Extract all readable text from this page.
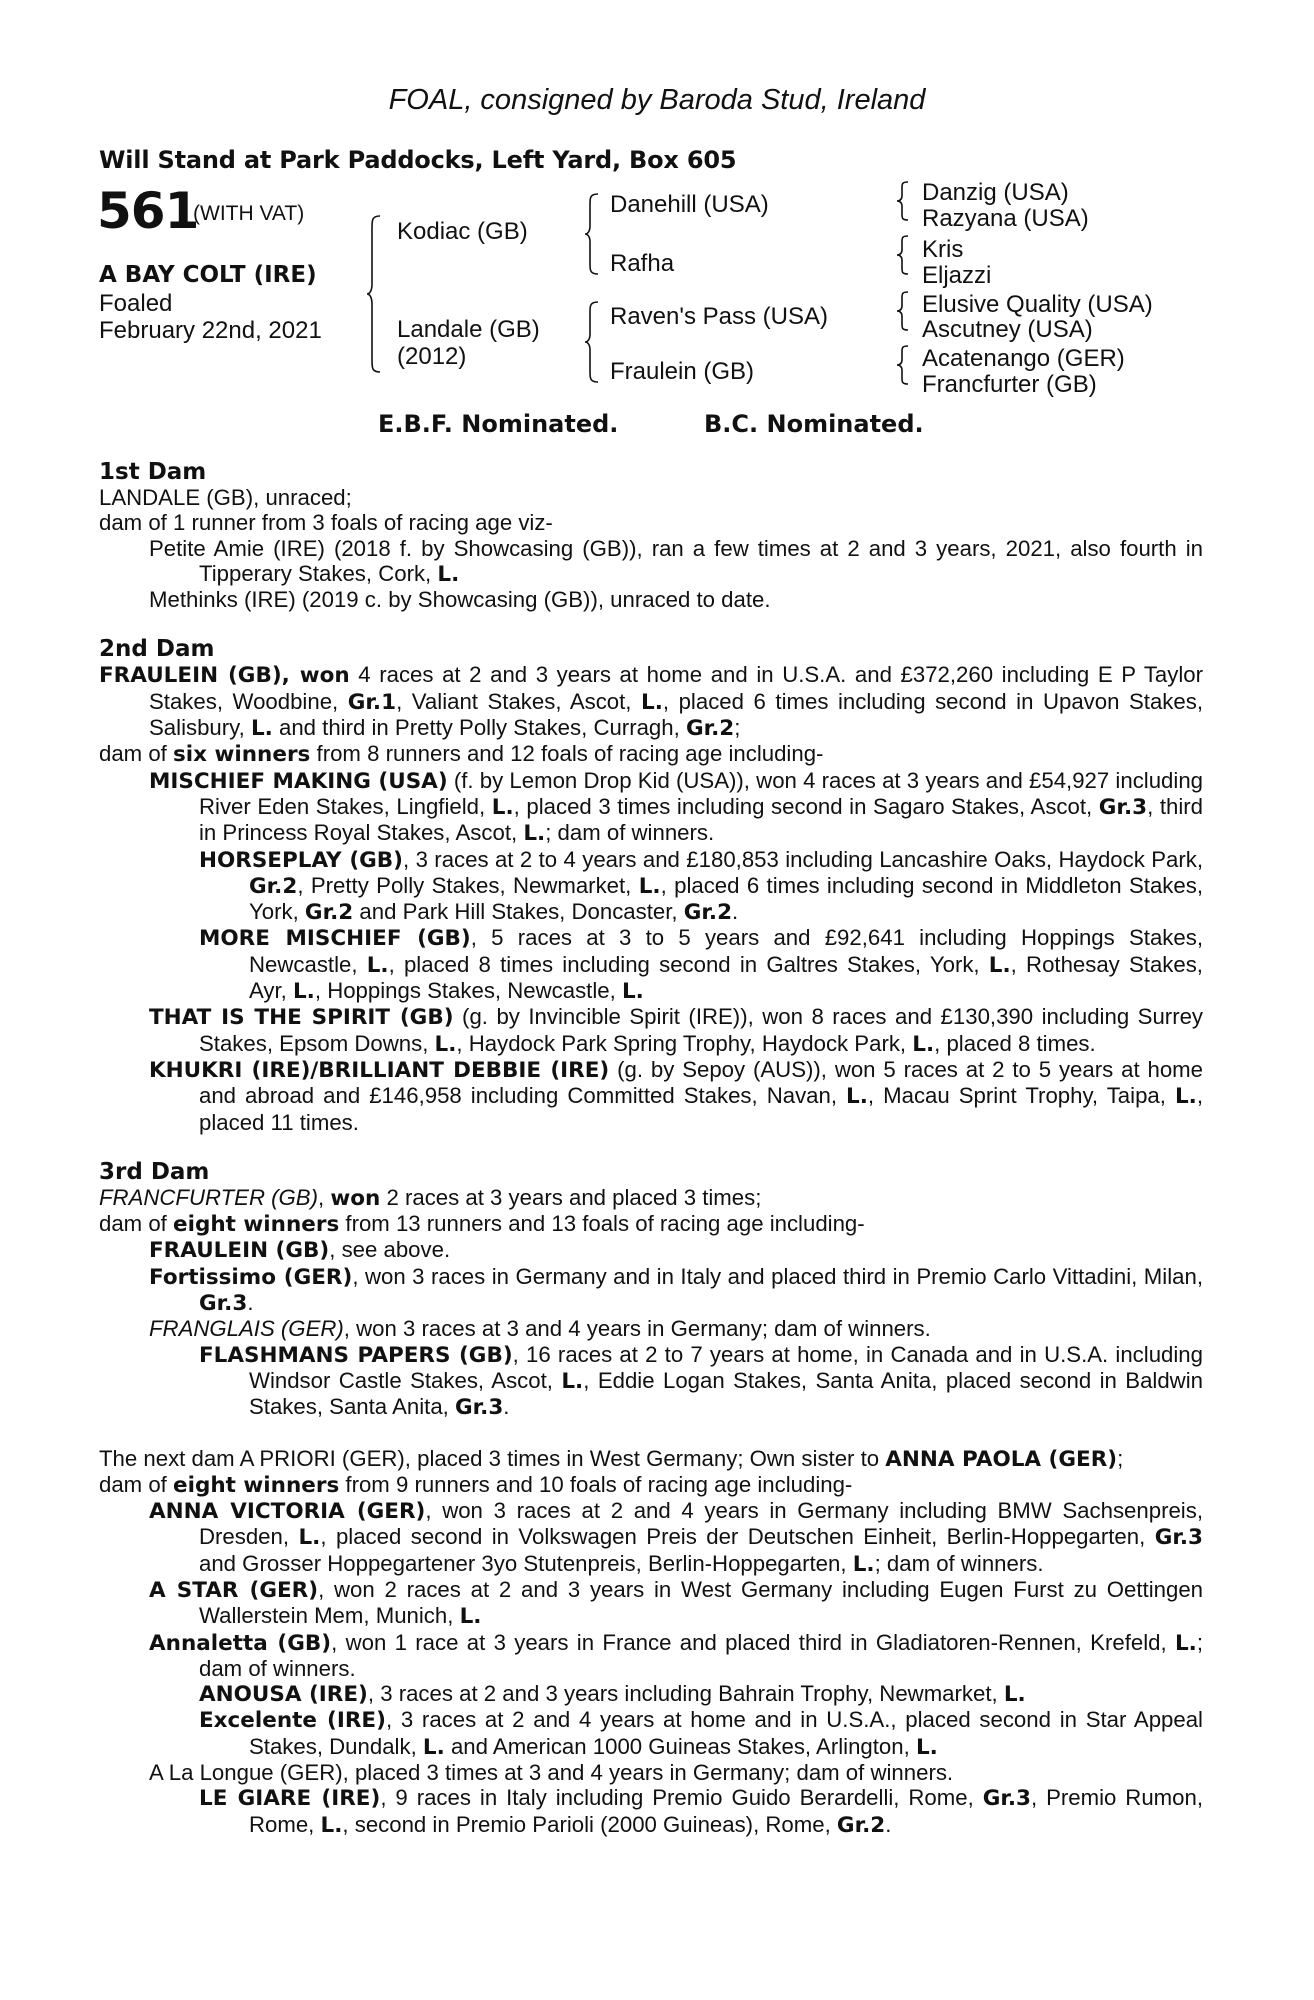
FOAL, consigned by Baroda Stud, Ireland
Will Stand at Park Paddocks, Left Yard, Box 605
561
(WITH VAT)
A BAY COLT (IRE)
Foaled
February 22nd, 2021
Kodiac (GB)
Landale (GB)
(2012)
Danehill (USA)
Rafha
Raven's Pass (USA)
Fraulein (GB)
Danzig (USA)
Razyana (USA)
Kris
Eljazzi
Elusive Quality (USA)
Ascutney (USA)
Acatenango (GER)
Francfurter (GB)
E.B.F. Nominated.	B.C. Nominated.
1st Dam
LANDALE (GB), unraced;
dam of 1 runner from 3 foals of racing age viz-
Petite Amie (IRE) (2018 f. by Showcasing (GB)), ran a few times at 2 and 3 years, 2021, also fourth in Tipperary Stakes, Cork, L.
Methinks (IRE) (2019 c. by Showcasing (GB)), unraced to date.
2nd Dam
FRAULEIN (GB), won 4 races at 2 and 3 years at home and in U.S.A. and £372,260 including E P Taylor Stakes, Woodbine, Gr.1, Valiant Stakes, Ascot, L., placed 6 times including second in Upavon Stakes, Salisbury, L. and third in Pretty Polly Stakes, Curragh, Gr.2;
dam of six winners from 8 runners and 12 foals of racing age including-
MISCHIEF MAKING (USA) (f. by Lemon Drop Kid (USA)), won 4 races at 3 years and £54,927 including River Eden Stakes, Lingfield, L., placed 3 times including second in Sagaro Stakes, Ascot, Gr.3, third in Princess Royal Stakes, Ascot, L.; dam of winners.
HORSEPLAY (GB), 3 races at 2 to 4 years and £180,853 including Lancashire Oaks, Haydock Park, Gr.2, Pretty Polly Stakes, Newmarket, L., placed 6 times including second in Middleton Stakes, York, Gr.2 and Park Hill Stakes, Doncaster, Gr.2.
MORE MISCHIEF (GB), 5 races at 3 to 5 years and £92,641 including Hoppings Stakes, Newcastle, L., placed 8 times including second in Galtres Stakes, York, L., Rothesay Stakes, Ayr, L., Hoppings Stakes, Newcastle, L.
THAT IS THE SPIRIT (GB) (g. by Invincible Spirit (IRE)), won 8 races and £130,390 including Surrey Stakes, Epsom Downs, L., Haydock Park Spring Trophy, Haydock Park, L., placed 8 times.
KHUKRI (IRE)/BRILLIANT DEBBIE (IRE) (g. by Sepoy (AUS)), won 5 races at 2 to 5 years at home and abroad and £146,958 including Committed Stakes, Navan, L., Macau Sprint Trophy, Taipa, L., placed 11 times.
3rd Dam
FRANCFURTER (GB), won 2 races at 3 years and placed 3 times;
dam of eight winners from 13 runners and 13 foals of racing age including-
FRAULEIN (GB), see above.
Fortissimo (GER), won 3 races in Germany and in Italy and placed third in Premio Carlo Vittadini, Milan, Gr.3.
FRANGLAIS (GER), won 3 races at 3 and 4 years in Germany; dam of winners.
FLASHMANS PAPERS (GB), 16 races at 2 to 7 years at home, in Canada and in U.S.A. including Windsor Castle Stakes, Ascot, L., Eddie Logan Stakes, Santa Anita, placed second in Baldwin Stakes, Santa Anita, Gr.3.
The next dam A PRIORI (GER), placed 3 times in West Germany; Own sister to ANNA PAOLA (GER);
dam of eight winners from 9 runners and 10 foals of racing age including-
ANNA VICTORIA (GER), won 3 races at 2 and 4 years in Germany including BMW Sachsenpreis, Dresden, L., placed second in Volkswagen Preis der Deutschen Einheit, Berlin-Hoppegarten, Gr.3 and Grosser Hoppegartener 3yo Stutenpreis, Berlin-Hoppegarten, L.; dam of winners.
A STAR (GER), won 2 races at 2 and 3 years in West Germany including Eugen Furst zu Oettingen Wallerstein Mem, Munich, L.
Annaletta (GB), won 1 race at 3 years in France and placed third in Gladiatoren-Rennen, Krefeld, L.; dam of winners.
ANOUSA (IRE), 3 races at 2 and 3 years including Bahrain Trophy, Newmarket, L.
Excelente (IRE), 3 races at 2 and 4 years at home and in U.S.A., placed second in Star Appeal Stakes, Dundalk, L. and American 1000 Guineas Stakes, Arlington, L.
A La Longue (GER), placed 3 times at 3 and 4 years in Germany; dam of winners.
LE GIARE (IRE), 9 races in Italy including Premio Guido Berardelli, Rome, Gr.3, Premio Rumon, Rome, L., second in Premio Parioli (2000 Guineas), Rome, Gr.2.
